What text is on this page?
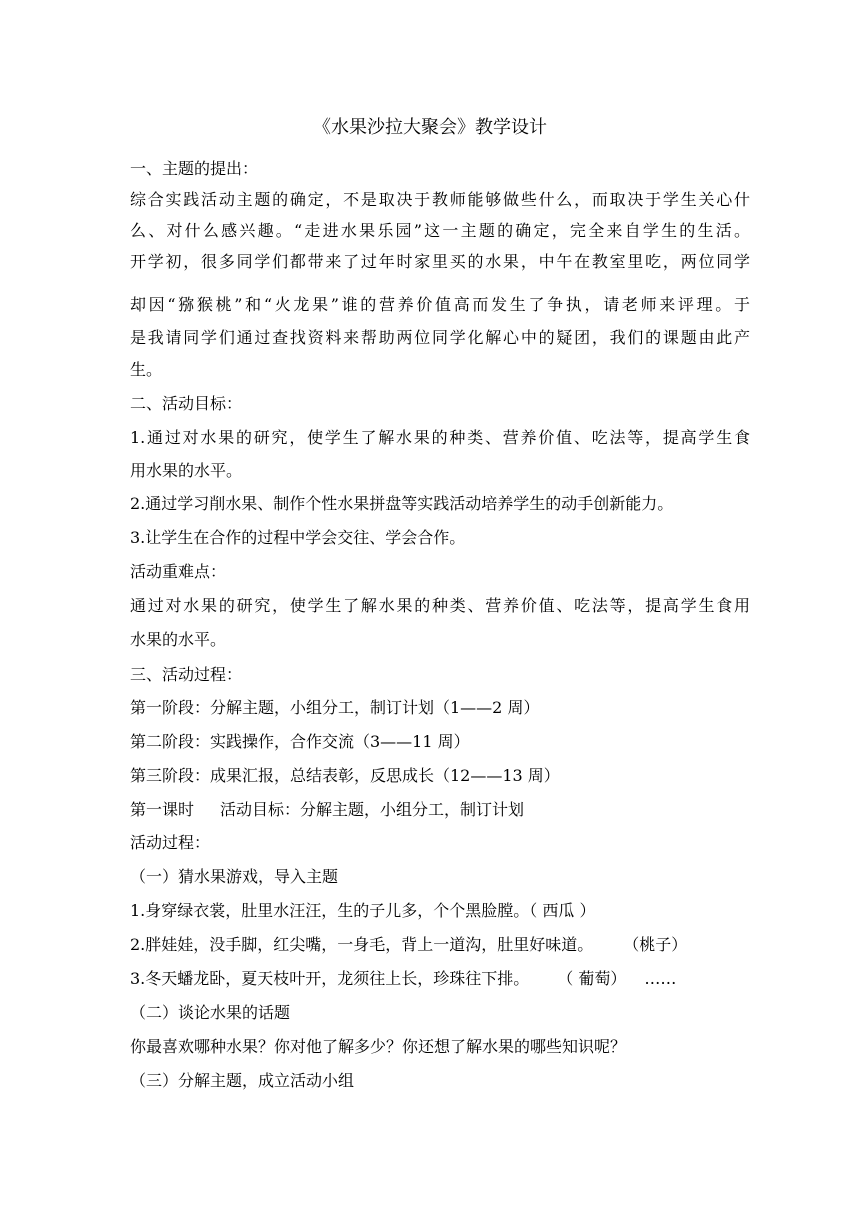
《水果沙拉大聚会》教学设计
一、主题的提出：
综合实践活动主题的确定，不是取决于教师能够做些什么，而取决于学生关心什
么、对什么感兴趣。“走进水果乐园”这一主题的确定，完全来自学生的生活。
开学初，很多同学们都带来了过年时家里买的水果，中午在教室里吃，两位同学
却因“猕猴桃”和“火龙果”谁的营养价值高而发生了争执，请老师来评理。于
是我请同学们通过查找资料来帮助两位同学化解心中的疑团，我们的课题由此产
生。
二、活动目标：
1.通过对水果的研究，使学生了解水果的种类、营养价值、吃法等，提高学生食
用水果的水平。
2.通过学习削水果、制作个性水果拼盘等实践活动培养学生的动手创新能力。
3.让学生在合作的过程中学会交往、学会合作。
活动重难点：
通过对水果的研究，使学生了解水果的种类、营养价值、吃法等，提高学生食用
水果的水平。
三、活动过程：
第一阶段：分解主题，小组分工，制订计划（1——2 周）
第二阶段：实践操作，合作交流（3——11 周）
第三阶段：成果汇报，总结表彰，反思成长（12——13 周）
第一课时 活动目标：分解主题，小组分工，制订计划
活动过程：
（一）猜水果游戏，导入主题
1.身穿绿衣裳，肚里水汪汪，生的子儿多，个个黑脸膛。（ 西瓜 ）
2.胖娃娃，没手脚，红尖嘴，一身毛，背上一道沟，肚里好味道。 （桃子）
3.冬天蟠龙卧，夏天枝叶开，龙须往上长，珍珠往下排。 （ 葡萄） ……
（二）谈论水果的话题
你最喜欢哪种水果？你对他了解多少？你还想了解水果的哪些知识呢？
（三）分解主题，成立活动小组
